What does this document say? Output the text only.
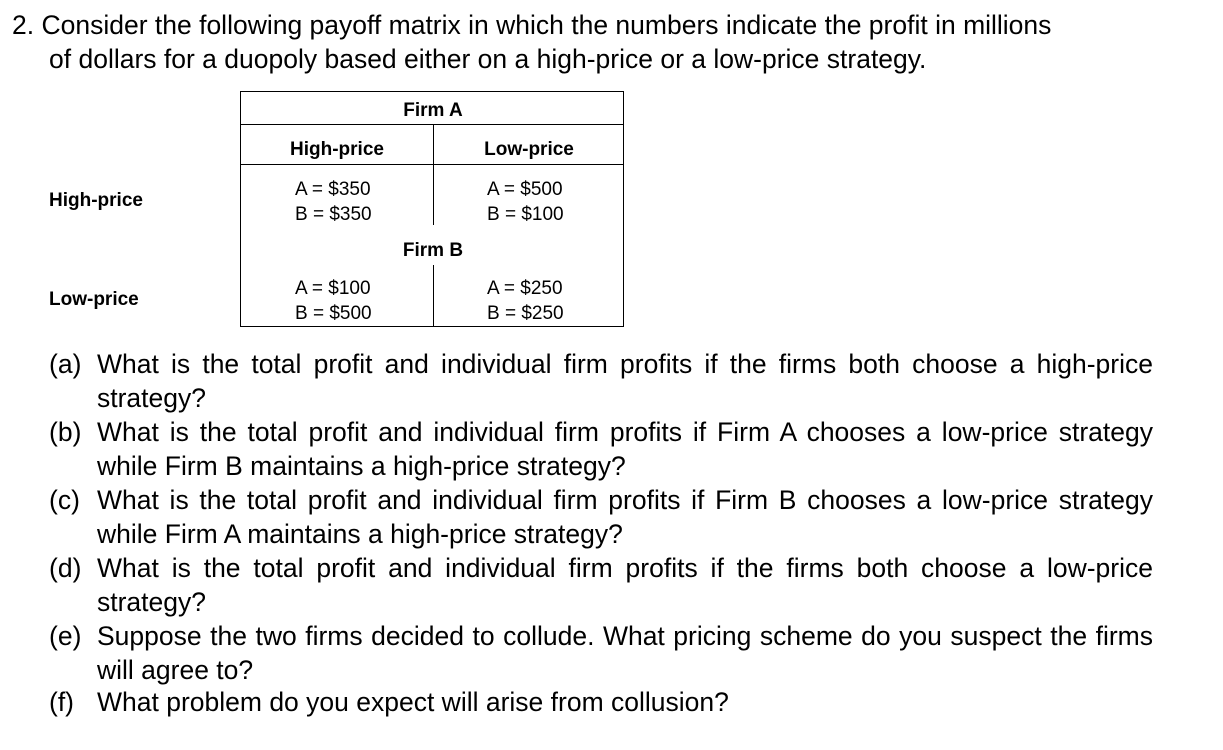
2. Consider the following payoff matrix in which the numbers indicate the profit in millions
of dollars for a duopoly based either on a high-price or a low-price strategy.
High-price
Low-price
Firm A
High-price	Low-price
A = $350
B = $350
A = $500
B = $100
Firm B
A = $100
B = $500
A = $250
B = $250
(a) What is the total profit and individual firm profits if the firms both choose a high-price strategy?
(b) What is the total profit and individual firm profits if Firm A chooses a low-price strategy while Firm B maintains a high-price strategy?
(c) What is the total profit and individual firm profits if Firm B chooses a low-price strategy while Firm A maintains a high-price strategy?
(d) What is the total profit and individual firm profits if the firms both choose a low-price strategy?
(e) Suppose the two firms decided to collude. What pricing scheme do you suspect the firms will agree to?
(f) What problem do you expect will arise from collusion?
